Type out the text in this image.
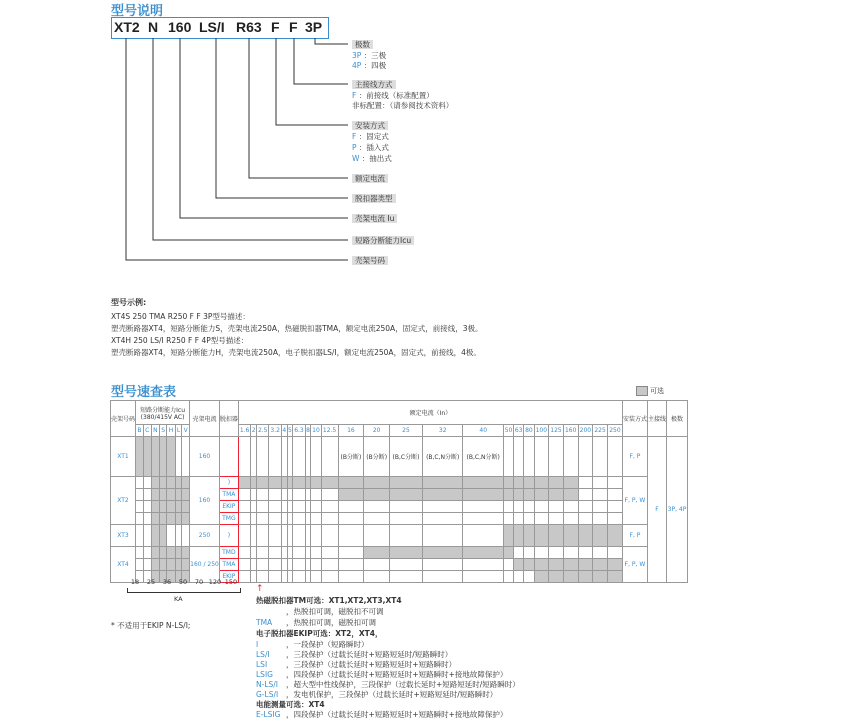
型号说明
XT2 N 160 LS/I R63 F F 3P
极数
3P ：三极
4P ：四极
主接线方式
F ：前接线（标准配置）
非标配置：（请参阅技术资料）
安装方式
F ：固定式
P ：插入式
W ：抽出式
额定电流
脱扣器类型
壳架电流 Iu
短路分断能力Icu
壳架号码
型号示例:
XT4S 250 TMA R250 F F 3P型号描述：
塑壳断路器XT4，短路分断能力S，壳架电流250A，热磁脱扣器TMA，额定电流250A，固定式，前接线，3极。
XT4H 250 LS/I R250 F F 4P型号描述：
塑壳断路器XT4，短路分断能力H，壳架电流250A，电子脱扣器LS/I，额定电流250A，固定式，前接线，4极。
型号速查表	可选
壳架号码	短路分断能力Icu
(380/415V AC)							壳架电流	脱扣器	额定电流（In）																								安装方式	主接线	极数
	B	C	N	S	H	L	V			1.6	2	2.5	3.2	4	5	6.3	8	10	12.5	16	20	25	32	40	50	63	80	100	125	160	200	225	250			
XT1								160												(B分断)	(B分断)	(B,C分断)	(B,C,N分断)	(B,C,N分断)										F, P	F	3P, 4P
XT2								160	)																									F, P, W		
									TMA																											
									EKIP																											
									TMG																											
XT3								250	)																									F, P		
XT4								160 / 250	TMD																									F, P, W		
									TMA																											
									EKIP																											
18 25 36 50 70 120 150
KA
↑
* 不适用于EKIP N-LS/I;
热磁脱扣器TM可选：XT1,XT2,XT3,XT4
，热脱扣可调，磁脱扣不可调
TMA ，热脱扣可调，磁脱扣可调
电子脱扣器EKIP可选：XT2，XT4，
I	，一段保护（短路瞬时）
LS/I ，三段保护（过载长延时+短路短延时/短路瞬时）
LSI	，三段保护（过载长延时+短路短延时+短路瞬时）
LSIG ，四段保护（过载长延时+短路短延时+短路瞬时+接地故障保护）
N-LS/I ，超大型中性线保护，三段保护（过载长延时+短路短延时/短路瞬时）
G-LS/I ，发电机保护，三段保护（过载长延时+短路短延时/短路瞬时）
电能测量可选：XT4
E-LSIG ，四段保护（过载长延时+短路短延时+短路瞬时+接地故障保护）
